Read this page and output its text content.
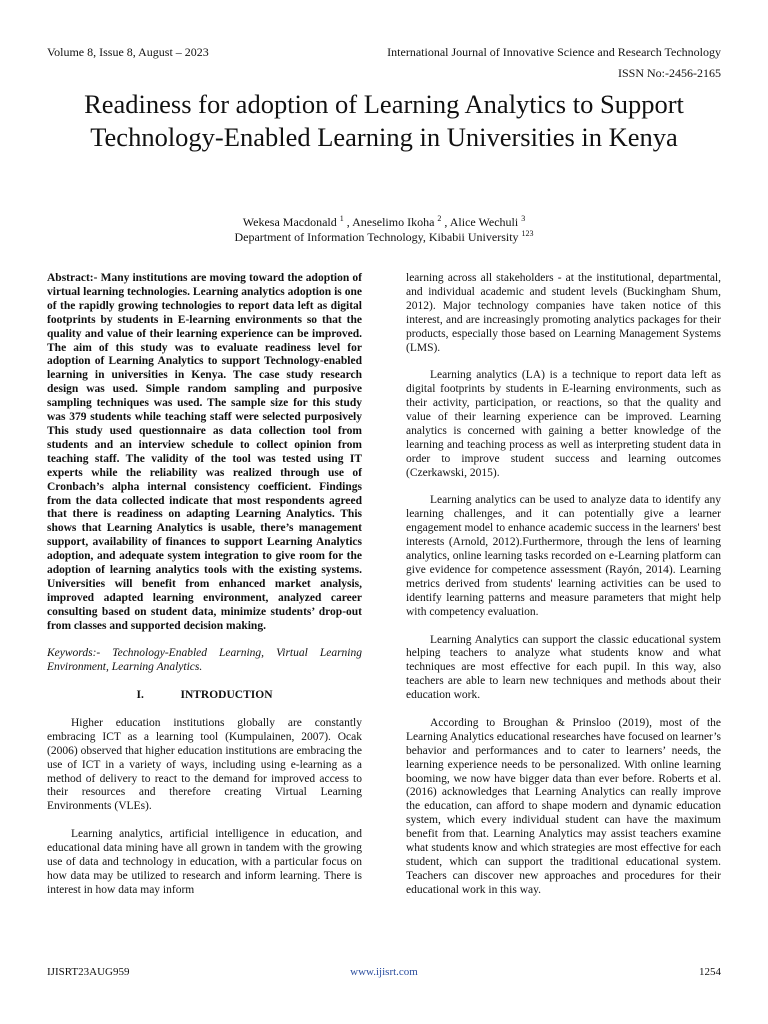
Volume 8, Issue 8, August – 2023	International Journal of Innovative Science and Research Technology
ISSN No:-2456-2165
Readiness for adoption of Learning Analytics to Support Technology-Enabled Learning in Universities in Kenya
Wekesa Macdonald $^1$ , Aneselimo Ikoha $^2$ , Alice Wechuli $^3$
Department of Information Technology, Kibabii University $^{123}$

Abstract:- Many institutions are moving toward the adoption of virtual learning technologies. Learning analytics adoption is one of the rapidly growing technologies to report data left as digital footprints by students in E-learning environments so that the quality and value of their learning experience can be improved. The aim of this study was to evaluate readiness level for adoption of Learning Analytics to support Technology-enabled learning in universities in Kenya. The case study research design was used. Simple random sampling and purposive sampling techniques was used. The sample size for this study was 379 students while teaching staff were selected purposively This study used questionnaire as data collection tool from students and an interview schedule to collect opinion from teaching staff. The validity of the tool was tested using IT experts while the reliability was realized through use of Cronbach’s alpha internal consistency coefficient. Findings from the data collected indicate that most respondents agreed that there is readiness on adapting Learning Analytics. This shows that Learning Analytics is usable, there’s management support, availability of finances to support Learning Analytics adoption, and adequate system integration to give room for the adoption of learning analytics tools with the existing systems. Universities will benefit from enhanced market analysis, improved adapted learning environment, analyzed career consulting based on student data, minimize students’ drop-out from classes and supported decision making.

Keywords:- Technology-Enabled Learning, Virtual Learning Environment, Learning Analytics.

I.	INTRODUCTION

Higher education institutions globally are constantly embracing ICT as a learning tool (Kumpulainen, 2007). Ocak (2006) observed that higher education institutions are embracing the use of ICT in a variety of ways, including using e-learning as a method of delivery to react to the demand for improved access to their resources and therefore creating Virtual Learning Environments (VLEs).

Learning analytics, artificial intelligence in education, and educational data mining have all grown in tandem with the growing use of data and technology in education, with a particular focus on how data may be utilized to research and inform learning. There is interest in how data may inform

learning across all stakeholders - at the institutional, departmental, and individual academic and student levels (Buckingham Shum, 2012). Major technology companies have taken notice of this interest, and are increasingly promoting analytics packages for their products, especially those based on Learning Management Systems (LMS).

Learning analytics (LA) is a technique to report data left as digital footprints by students in E-learning environments, such as their activity, participation, or reactions, so that the quality and value of their learning experience can be improved. Learning analytics is concerned with gaining a better knowledge of the learning and teaching process as well as interpreting student data in order to improve student success and learning outcomes (Czerkawski, 2015).

Learning analytics can be used to analyze data to identify any learning challenges, and it can potentially give a learner engagement model to enhance academic success in the learners' best interests (Arnold, 2012).Furthermore, through the lens of learning analytics, online learning tasks recorded on e-Learning platform can give evidence for competence assessment (Rayón, 2014). Learning metrics derived from students' learning activities can be used to identify learning patterns and measure parameters that might help with competency evaluation.

Learning Analytics can support the classic educational system helping teachers to analyze what students know and what techniques are most effective for each pupil. In this way, also teachers are able to learn new techniques and methods about their education work.

According to Broughan & Prinsloo (2019), most of the Learning Analytics educational researches have focused on learner’s behavior and performances and to cater to learners’ needs, the learning experience needs to be personalized. With online learning booming, we now have bigger data than ever before. Roberts et al. (2016) acknowledges that Learning Analytics can really improve the education, can afford to shape modern and dynamic education system, which every individual student can have the maximum benefit from that. Learning Analytics may assist teachers examine what students know and which strategies are most effective for each student, which can support the traditional educational system. Teachers can discover new approaches and procedures for their educational work in this way.

IJISRT23AUG959	www.ijisrt.com	1254
